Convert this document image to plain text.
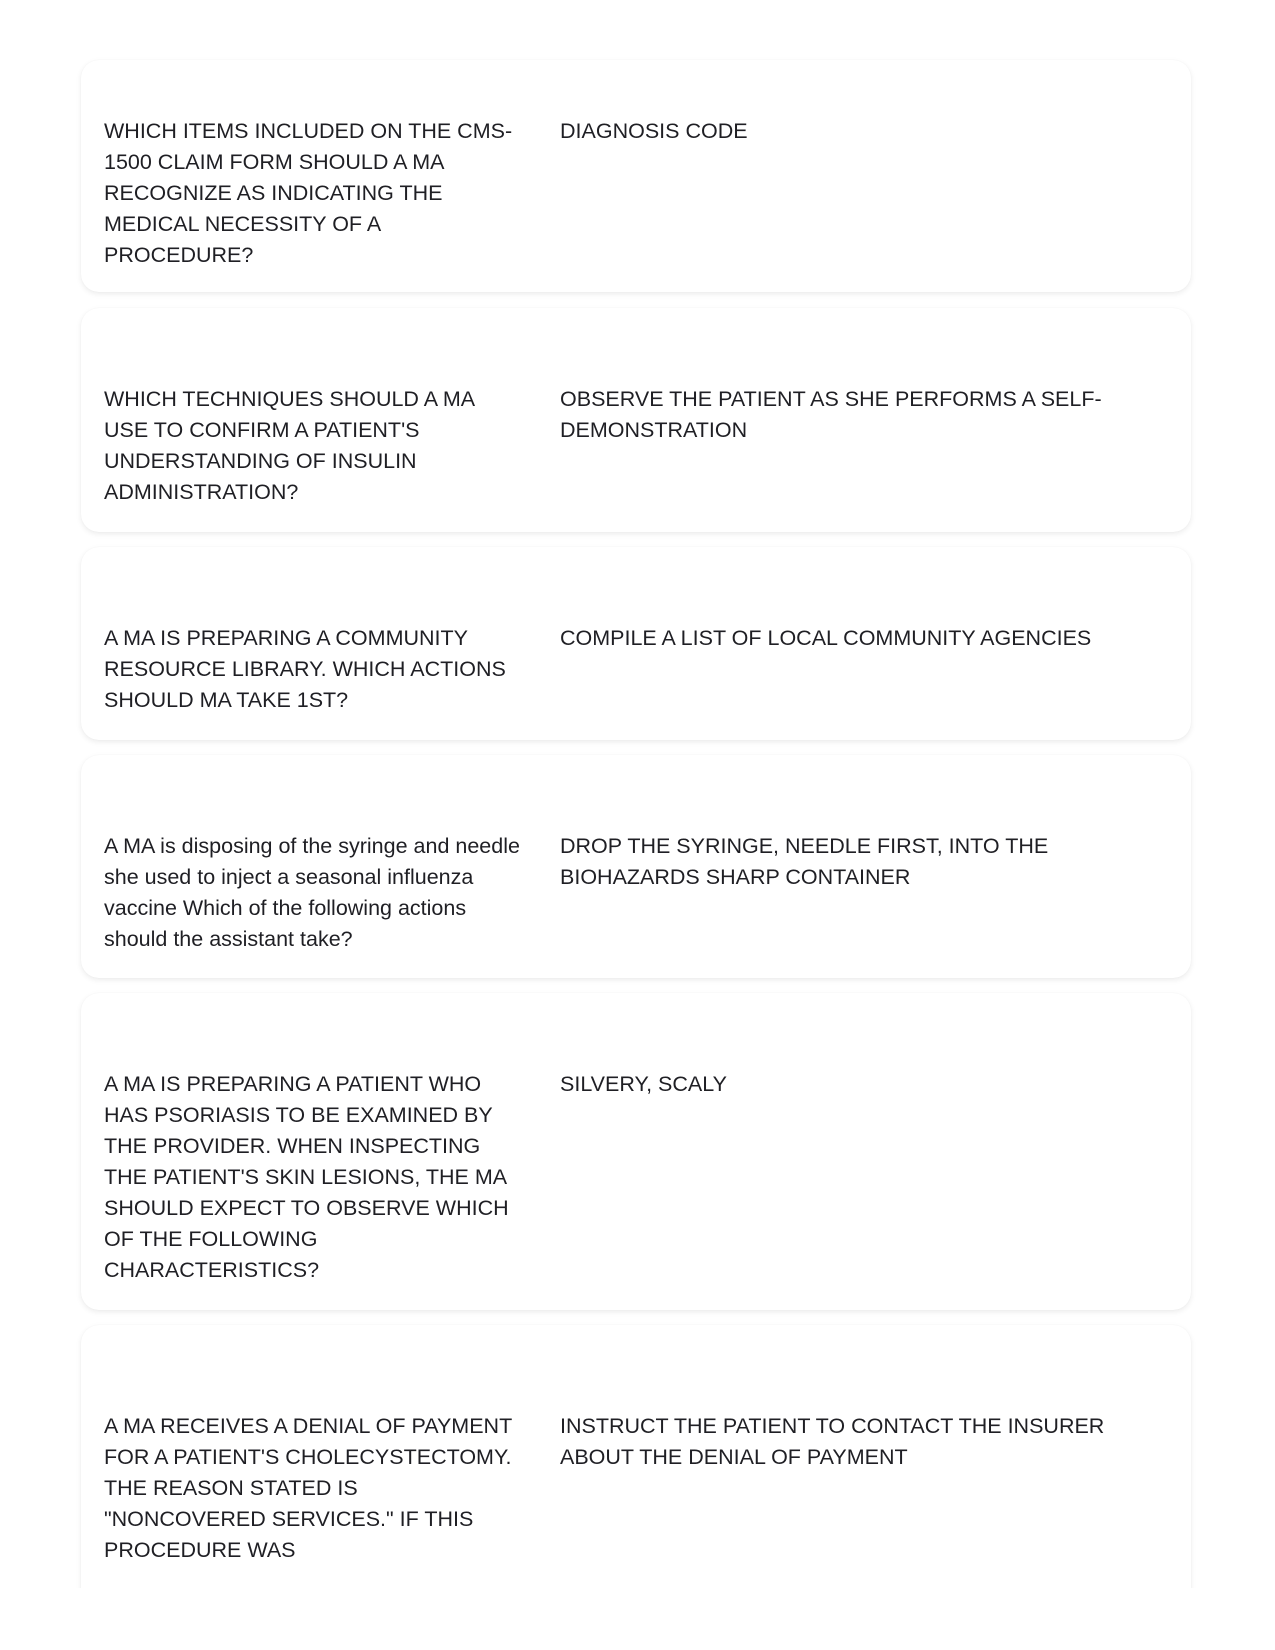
WHICH ITEMS INCLUDED ON THE CMS-1500 CLAIM FORM SHOULD A MA RECOGNIZE AS INDICATING THE MEDICAL NECESSITY OF A PROCEDURE?
DIAGNOSIS CODE
WHICH TECHNIQUES SHOULD A MA USE TO CONFIRM A PATIENT'S UNDERSTANDING OF INSULIN ADMINISTRATION?
OBSERVE THE PATIENT AS SHE PERFORMS A SELF-DEMONSTRATION
A MA IS PREPARING A COMMUNITY RESOURCE LIBRARY. WHICH ACTIONS SHOULD MA TAKE 1ST?
COMPILE A LIST OF LOCAL COMMUNITY AGENCIES
A MA is disposing of the syringe and needle she used to inject a seasonal influenza vaccine Which of the following actions should the assistant take?
DROP THE SYRINGE, NEEDLE FIRST, INTO THE BIOHAZARDS SHARP CONTAINER
A MA IS PREPARING A PATIENT WHO HAS PSORIASIS TO BE EXAMINED BY THE PROVIDER. WHEN INSPECTING THE PATIENT'S SKIN LESIONS, THE MA SHOULD EXPECT TO OBSERVE WHICH OF THE FOLLOWING CHARACTERISTICS?
SILVERY, SCALY
A MA RECEIVES A DENIAL OF PAYMENT FOR A PATIENT'S CHOLECYSTECTOMY. THE REASON STATED IS "NONCOVERED SERVICES." IF THIS PROCEDURE WAS
INSTRUCT THE PATIENT TO CONTACT THE INSURER ABOUT THE DENIAL OF PAYMENT
